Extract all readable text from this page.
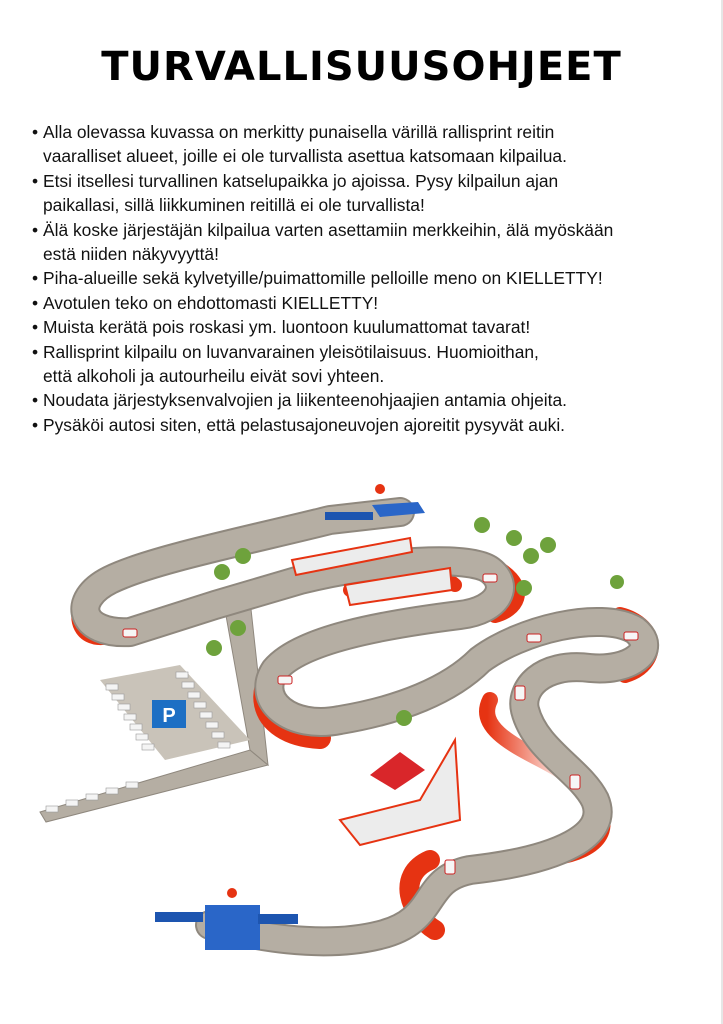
TURVALLISUUSOHJEET
• Alla olevassa kuvassa on merkitty punaisella värillä rallisprint reitin
vaaralliset alueet, joille ei ole turvallista asettua katsomaan kilpailua.
• Etsi itsellesi turvallinen katselupaikka jo ajoissa. Pysy kilpailun ajan
paikallasi, sillä liikkuminen reitillä ei ole turvallista!
• Älä koske järjestäjän kilpailua varten asettamiin merkkeihin, älä myöskään
estä niiden näkyvyyttä!
• Piha-alueille sekä kylvetyille/puimattomille pelloille meno on KIELLETTY!
• Avotulen teko on ehdottomasti KIELLETTY!
• Muista kerätä pois roskasi ym. luontoon kuulumattomat tavarat!
• Rallisprint kilpailu on luvanvarainen yleisötilaisuus. Huomioithan,
että alkoholi ja autourheilu eivät sovi yhteen.
• Noudata järjestyksenvalvojien ja liikenteenohjaajien antamia ohjeita.
• Pysäköi autosi siten, että pelastusajoneuvojen ajoreitit pysyvät auki.
P
